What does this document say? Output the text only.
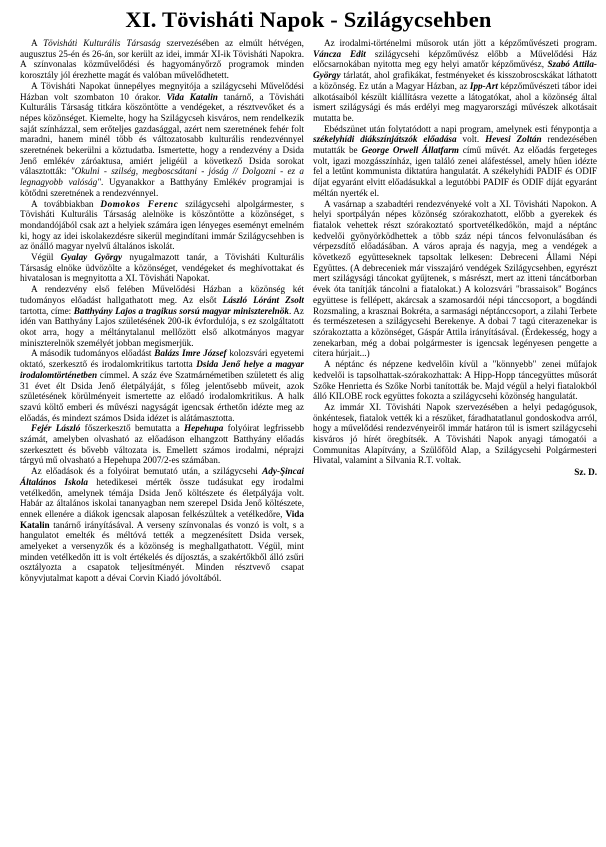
XI. Tövisháti Napok - Szilágycsehben

A Tövisháti Kulturális Társaság szervezésében az elmúlt hétvégen, augusztus 25-én és 26-án, sor került az idei, immár XI-ik Tövisháti Napokra. A színvonalas közművelődési és hagyományőrző programok minden korosztály jól érezhette magát és valóban művelődhetett.

A Tövisháti Napokat ünnepélyes megnyitója a szilágycsehi Művelődési Házban volt szombaton 10 órakor. Vida Katalin tanárnő, a Tövisháti Kulturális Társaság titkára köszöntötte a vendégeket, a résztvevőket és a népes közönséget. Kiemelte, hogy ha Szilágycseh kisváros, nem rendelkezik saját színházzal, sem erőteljes gazdasággal, azért nem szeretnének fehér folt maradni, hanem minél több és változatosabb kulturális rendezvénnyel szeretnének bekerülni a köztudatba. Ismertette, hogy a rendezvény a Dsida Jenő emlékév záróaktusa, amiért jeligéül a következő Dsida sorokat választották: "Okulni - szilség, megboscsátani - jóság // Dolgozni - ez a legnagyobb valóság". Ugyanakkor a Batthyány Emlékév programjai is kötődni szeretnének a rendezvénnyel.

A továbbiakban Domokos Ferenc szilágycsehi alpolgármester, s Tövisháti Kulturális Társaság alelnöke is köszöntötte a közönséget, s mondandójából csak azt a helyiek számára igen lényeges eseményt emelném ki, hogy az idei iskolakezdésre sikerül megindítani immár Szilágycsehben is az önálló magyar nyelvű általános iskolát.

Végül Gyalay György nyugalmazott tanár, a Tövisháti Kulturális Társaság elnöke üdvözölte a közönséget, vendégeket és meghívottakat és hivatalosan is megnyitotta a XI. Tövisháti Napokat.

A rendezvény első felében Művelődési Házban a közönség két tudományos előadást hallgathatott meg. Az elsőt László Lóránt Zsolt tartotta, címe: Batthyány Lajos a tragikus sorsú magyar miniszterelnök. Az idén van Batthyány Lajos születésének 200-ik évfordulója, s ez szolgáltatott okot arra, hogy a méltánytalanul mellőzött első alkotmányos magyar miniszterelnök személyét jobban megismerjük.

A második tudományos előadást Balázs Imre József kolozsvári egyetemi oktató, szerkesztő és irodalomkritikus tartotta Dsida Jenő helye a magyar irodalomtörténetben címmel. A száz éve Szatmárnémetiben született és alig 31 évet élt Dsida Jenő életpályáját, s főleg jelentősebb műveit, azok születésének körülményeit ismertette az előadó irodalomkritikus. A halk szavú költő emberi és művészi nagyságát igencsak érthetőn idézte meg az előadás, és mindezt számos Dsida idézet is alátámasztotta.

Fejér László főszerkesztő bemutatta a Hepehupa folyóirat legfrissebb számát, amelyben olvasható az előadáson elhangzott Batthyány előadás szerkesztett és bővebb változata is. Emellett számos irodalmi, néprajzi tárgyú mű olvasható a Hepehupa 2007/2-es számában.

Az előadások és a folyóirat bemutató után, a szilágycsehi Ady-Şincai Általános Iskola hetedikesei mérték össze tudásukat egy irodalmi vetélkedőn, amelynek témája Dsida Jenő költészete és életpályája volt. Habár az általános iskolai tananyagban nem szerepel Dsida Jenő költészete, ennek ellenére a diákok igencsak alaposan felkészültek a vetélkedőre, Vida Katalin tanárnő irányításával. A verseny színvonalas és vonzó is volt, s a hangulatot emelték és méltóvá tették a megzenésített Dsida versek, amelyeket a versenyzők és a közönség is meghallgathatott. Végül, mint minden vetélkedőn itt is volt értékelés és díjosztás, a szakértőkből álló zsűri osztályozta a csapatok teljesítményét. Minden résztvevő csapat könyvjutalmat kapott a dévai Corvin Kiadó jóvoltából.

Az irodalmi-történelmi műsorok után jött a képzőművészeti program. Váncza Edit szilágycsehi képzőművész előbb a Művelődési Ház előcsarnokában nyitotta meg egy helyi amatőr képzőművész, Szabó Attila-György tárlatát, ahol grafikákat, festményeket és kisszobroscskákat láthatott a közönség. Ez után a Magyar Házban, az Ipp-Art képzőművészeti tábor idei alkotásaiból készült kiállításra vezette a látogatókat, ahol a közönség által ismert szilágysági és más erdélyi meg magyarországi művészek alkotásait mutatta be.

Ebédszünet után folytatódott a napi program, amelynek esti fénypontja a székelyhídi diákszínjátszók előadása volt. Hevesi Zoltán rendezésében mutatták be George Orwell Állatfarm című művét. Az előadás fergeteges volt, igazi mozgásszínház, igen találó zenei aláfestéssel, amely hűen idézte fel a letűnt kommunista diktatúra hangulatát. A székelyhídi PADIF és ODIF díjat egyaránt elvitt előadásukkal a legutóbbi PADIF és ODIF díját egyaránt méltán nyerték el.

A vasárnap a szabadtéri rendezvényeké volt a XI. Tövisháti Napokon. A helyi sportpályán népes közönség szórakozhatott, előbb a gyerekek és fiatalok vehettek részt szórakoztató sportvetélkedőkön, majd a néptánc kedvelői gyönyörködhettek a több száz népi táncos felvonulásában és vérpezsdítő előadásában. A város apraja és nagyja, meg a vendégek a következő együtteseknek tapsoltak lelkesen: Debreceni Állami Népi Együttes. (A debreceniek már visszajáró vendégek Szilágycsehben, egyrészt mert szilágysági táncokat gyűjtenek, s másrészt, mert az itteni táncátborban évek óta tanítják táncolni a fiatalokat.) A kolozsvári "brassaisok" Bogáncs együttese is fellépett, akárcsak a szamosardói népi tánccsoport, a bogdándi Rozsmaling, a krasznai Bokréta, a sarmasági néptánccsoport, a zilahi Terbete és természetesen a szilágycsehi Berekenye. A dobai 7 tagú citerazenekar is szórakoztatta a közönséget, Gáspár Attila irányításával. (Érdekesség, hogy a zenekarban, még a dobai polgármester is igencsak legényesen pengette a citera húrjait...)

A néptánc és népzene kedvelőin kívül a "könnyebb" zenei műfajok kedvelői is tapsolhattak-szórakozhattak: A Hipp-Hopp táncegyüttes műsorát Szőke Henrietta és Szőke Norbi tanították be. Majd végül a helyi fiatalokból álló KILOBE rock együttes fokozta a szilágycsehi közönség hangulatát.

Az immár XI. Tövisháti Napok szervezésében a helyi pedagógusok, önkéntesek, fiatalok vették ki a részüket, fáradhatatlanul gondoskodva arról, hogy a művelődési rendezvényeiről immár határon túl is ismert szilágycsehi kisváros jó hírét öregbítsék. A Tövisháti Napok anyagi támogatói a Communitas Alapítvány, a Szülőföld Alap, a Szilágycsehi Polgármesteri Hivatal, valamint a Silvania R.T. voltak.

Sz. D.
